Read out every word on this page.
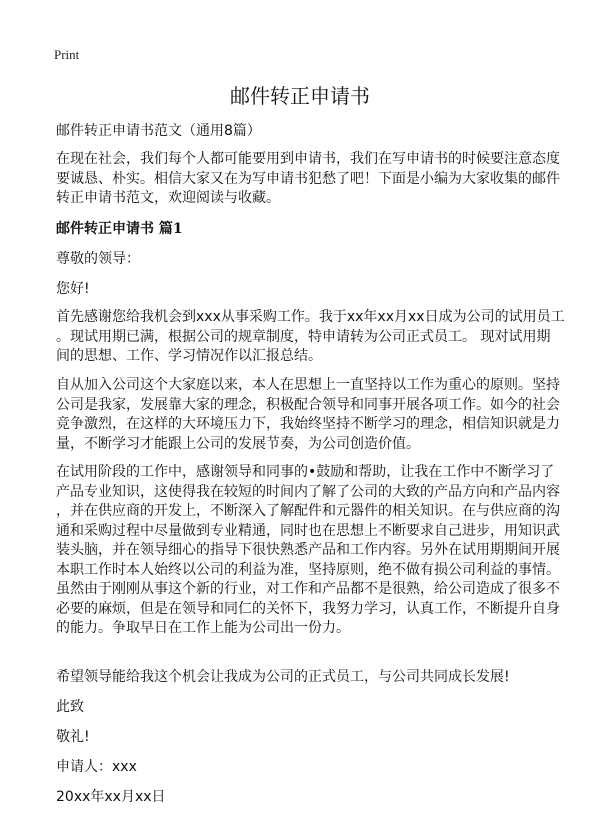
Print
邮件转正申请书
邮件转正申请书范文（通用8篇）
在现在社会，我们每个人都可能要用到申请书，我们在写申请书的时候要注意态度
要诚恳、朴实。相信大家又在为写申请书犯愁了吧！下面是小编为大家收集的邮件
转正申请书范文，欢迎阅读与收藏。
邮件转正申请书 篇1
尊敬的领导：
您好!
首先感谢您给我机会到xxx从事采购工作。我于xx年xx月xx日成为公司的试用员工
。现试用期已满，根据公司的规章制度，特申请转为公司正式员工。 现对试用期
间的思想、工作、学习情况作以汇报总结。
自从加入公司这个大家庭以来，本人在思想上一直坚持以工作为重心的原则。坚持
公司是我家，发展靠大家的理念，积极配合领导和同事开展各项工作。如今的社会
竞争激烈，在这样的大环境压力下，我始终坚持不断学习的理念，相信知识就是力
量，不断学习才能跟上公司的发展节奏，为公司创造价值。
在试用阶段的工作中，感谢领导和同事的•鼓励和帮助，让我在工作中不断学习了
产品专业知识，这使得我在较短的时间内了解了公司的大致的产品方向和产品内容
，并在供应商的开发上，不断深入了解配件和元器件的相关知识。在与供应商的沟
通和采购过程中尽量做到专业精通，同时也在思想上不断要求自己进步，用知识武
装头脑，并在领导细心的指导下很快熟悉产品和工作内容。另外在试用期期间开展
本职工作时本人始终以公司的利益为准，坚持原则，绝不做有损公司利益的事情。
虽然由于刚刚从事这个新的行业，对工作和产品都不是很熟，给公司造成了很多不
必要的麻烦，但是在领导和同仁的关怀下，我努力学习，认真工作，不断提升自身
的能力。争取早日在工作上能为公司出一份力。
希望领导能给我这个机会让我成为公司的正式员工，与公司共同成长发展!
此致
敬礼!
申请人：xxx
20xx年xx月xx日
